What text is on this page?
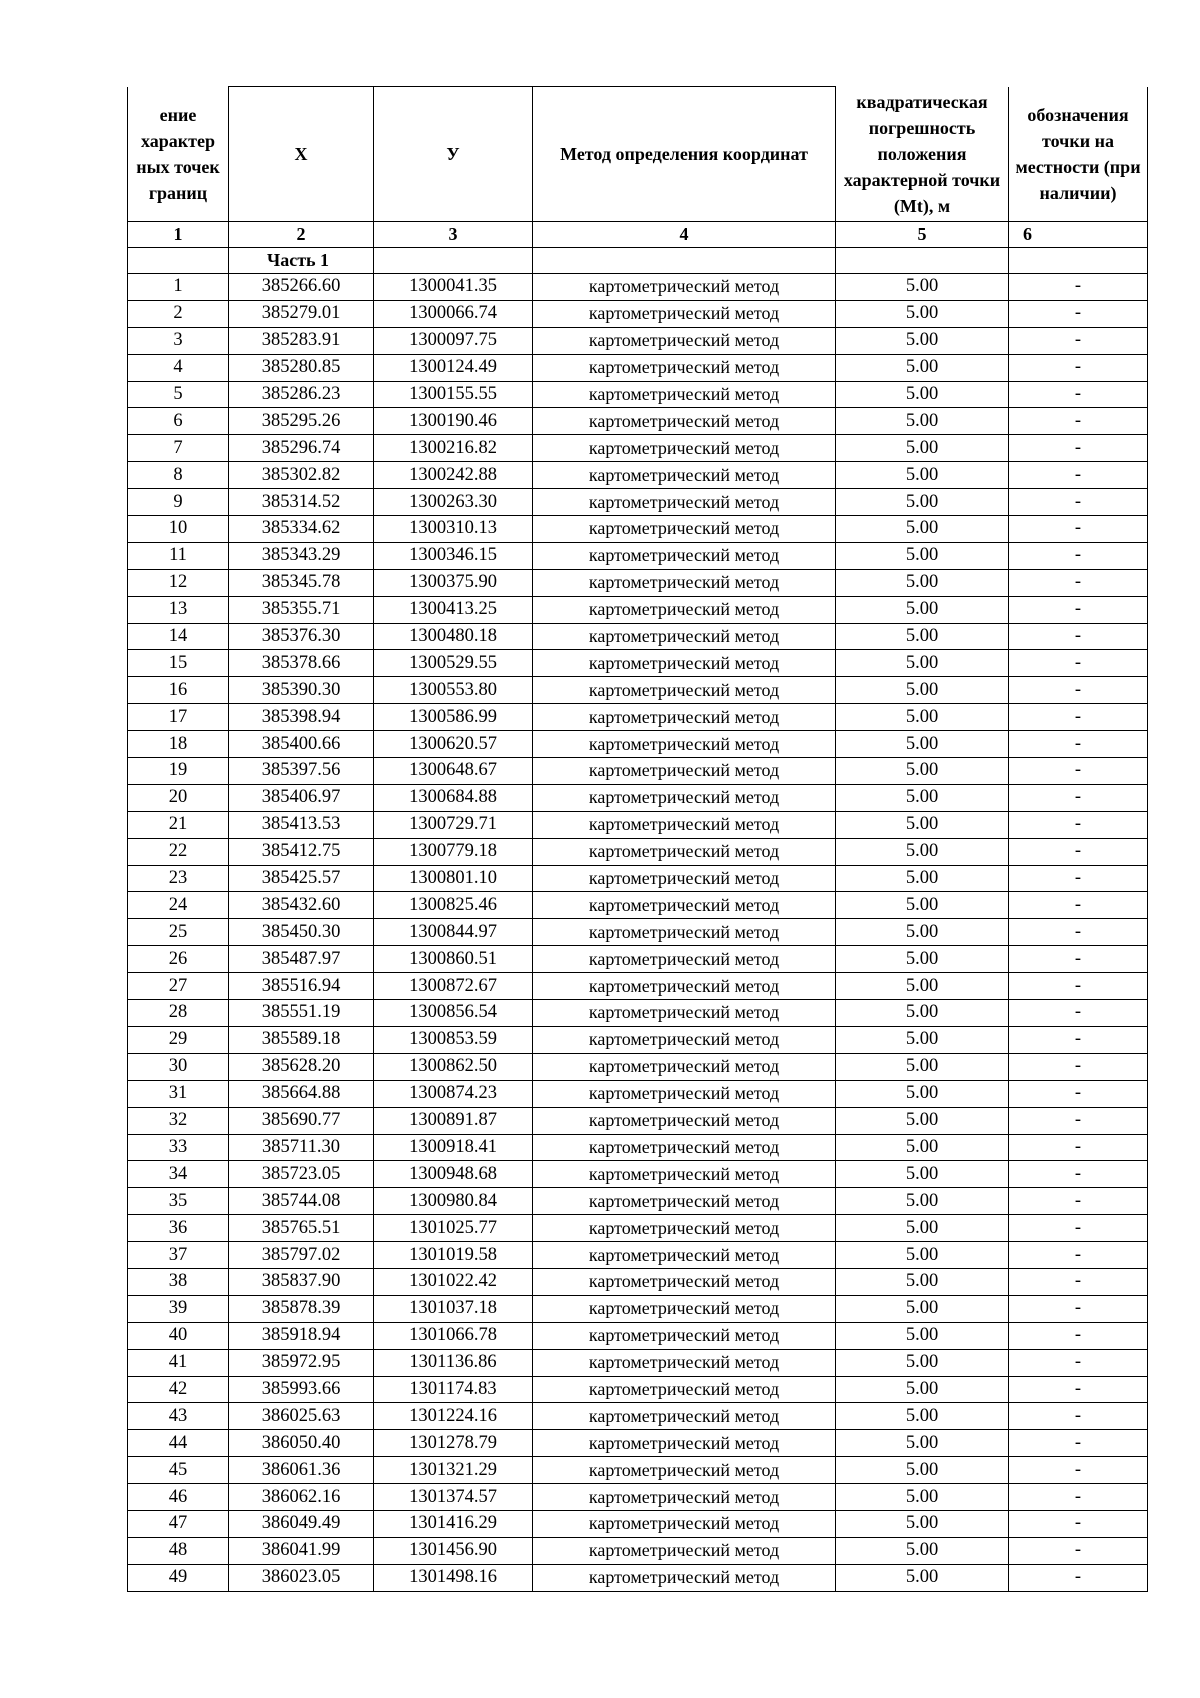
ение характер ных точек границ	X	У	Метод определения координат	квадратическая погрешность положения характерной точки (Mt), м	обозначения точки на местности (при наличии)

1	2	3	4	5	6
	Часть 1				
1	385266.60	1300041.35	картометрический метод	5.00	-
2	385279.01	1300066.74	картометрический метод	5.00	-
3	385283.91	1300097.75	картометрический метод	5.00	-
4	385280.85	1300124.49	картометрический метод	5.00	-
5	385286.23	1300155.55	картометрический метод	5.00	-
6	385295.26	1300190.46	картометрический метод	5.00	-
7	385296.74	1300216.82	картометрический метод	5.00	-
8	385302.82	1300242.88	картометрический метод	5.00	-
9	385314.52	1300263.30	картометрический метод	5.00	-
10	385334.62	1300310.13	картометрический метод	5.00	-
11	385343.29	1300346.15	картометрический метод	5.00	-
12	385345.78	1300375.90	картометрический метод	5.00	-
13	385355.71	1300413.25	картометрический метод	5.00	-
14	385376.30	1300480.18	картометрический метод	5.00	-
15	385378.66	1300529.55	картометрический метод	5.00	-
16	385390.30	1300553.80	картометрический метод	5.00	-
17	385398.94	1300586.99	картометрический метод	5.00	-
18	385400.66	1300620.57	картометрический метод	5.00	-
19	385397.56	1300648.67	картометрический метод	5.00	-
20	385406.97	1300684.88	картометрический метод	5.00	-
21	385413.53	1300729.71	картометрический метод	5.00	-
22	385412.75	1300779.18	картометрический метод	5.00	-
23	385425.57	1300801.10	картометрический метод	5.00	-
24	385432.60	1300825.46	картометрический метод	5.00	-
25	385450.30	1300844.97	картометрический метод	5.00	-
26	385487.97	1300860.51	картометрический метод	5.00	-
27	385516.94	1300872.67	картометрический метод	5.00	-
28	385551.19	1300856.54	картометрический метод	5.00	-
29	385589.18	1300853.59	картометрический метод	5.00	-
30	385628.20	1300862.50	картометрический метод	5.00	-
31	385664.88	1300874.23	картометрический метод	5.00	-
32	385690.77	1300891.87	картометрический метод	5.00	-
33	385711.30	1300918.41	картометрический метод	5.00	-
34	385723.05	1300948.68	картометрический метод	5.00	-
35	385744.08	1300980.84	картометрический метод	5.00	-
36	385765.51	1301025.77	картометрический метод	5.00	-
37	385797.02	1301019.58	картометрический метод	5.00	-
38	385837.90	1301022.42	картометрический метод	5.00	-
39	385878.39	1301037.18	картометрический метод	5.00	-
40	385918.94	1301066.78	картометрический метод	5.00	-
41	385972.95	1301136.86	картометрический метод	5.00	-
42	385993.66	1301174.83	картометрический метод	5.00	-
43	386025.63	1301224.16	картометрический метод	5.00	-
44	386050.40	1301278.79	картометрический метод	5.00	-
45	386061.36	1301321.29	картометрический метод	5.00	-
46	386062.16	1301374.57	картометрический метод	5.00	-
47	386049.49	1301416.29	картометрический метод	5.00	-
48	386041.99	1301456.90	картометрический метод	5.00	-
49	386023.05	1301498.16	картометрический метод	5.00	-
